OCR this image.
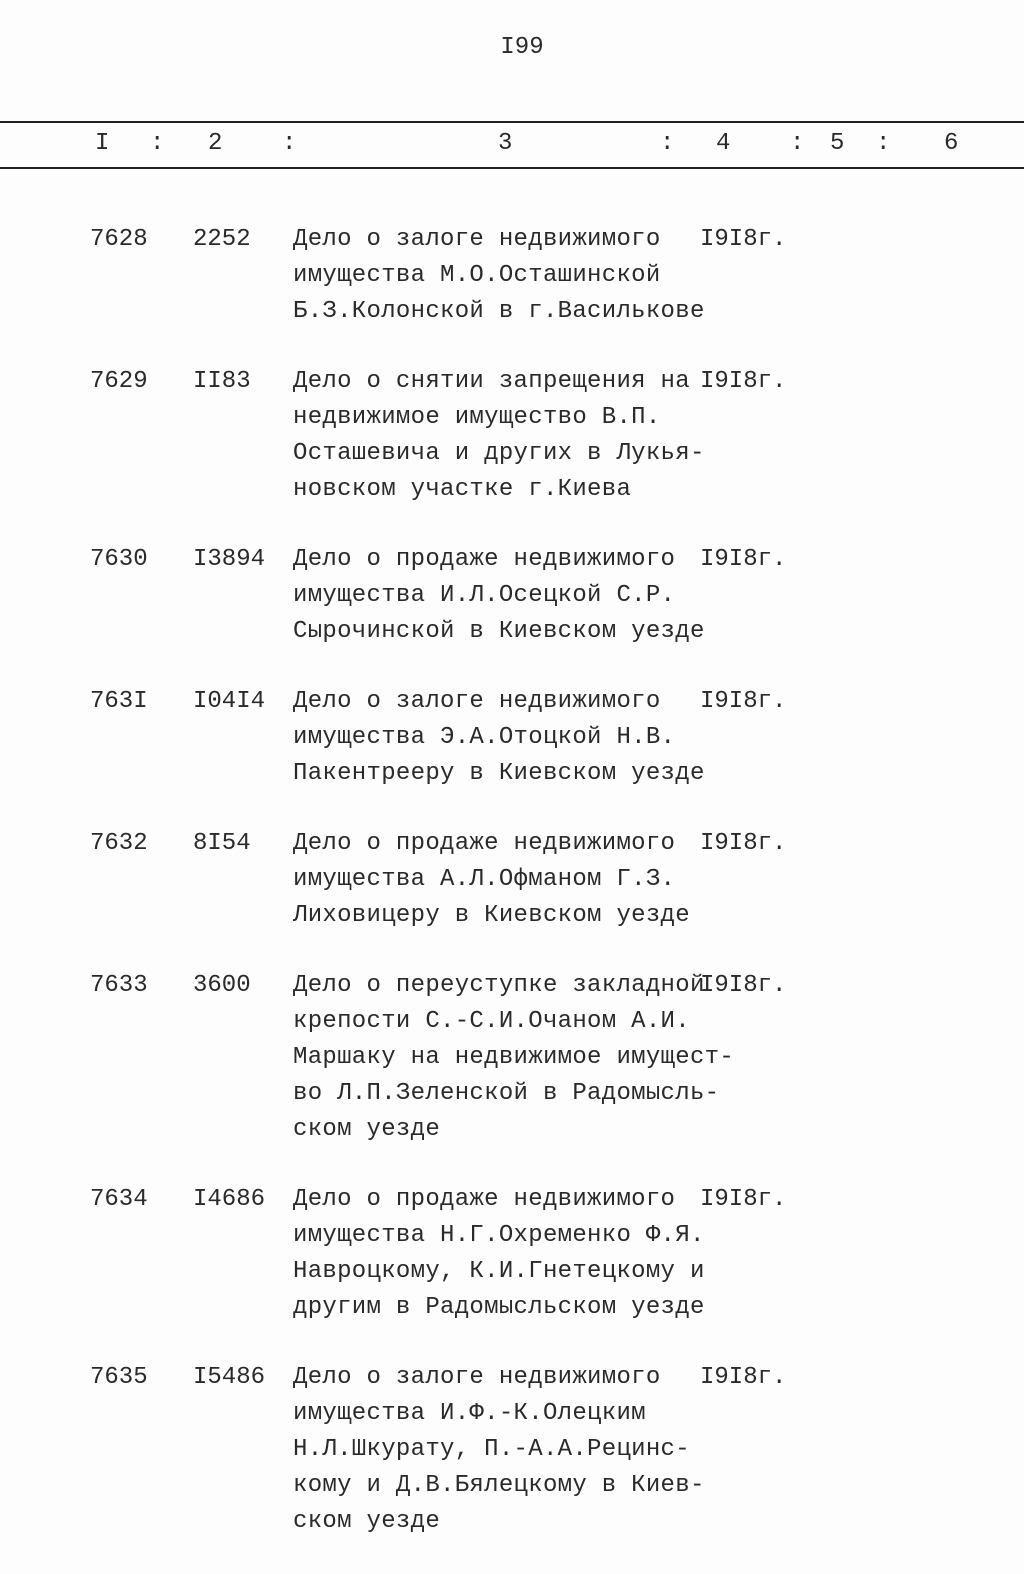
I99
I : 2 :	3	: 4 : 5 : 6
7628 2252	I9I8г.
Дело о залоге недвижимого
имущества М.О.Осташинской
Б.З.Колонской в г.Василькове
7629 II83	I9I8г.
Дело о снятии запрещения на
недвижимое имущество В.П.
Осташевича и других в Лукья-
новском участке г.Киева
7630 I3894	I9I8г.
Дело о продаже недвижимого
имущества И.Л.Осецкой С.Р.
Сырочинской в Киевском уезде
763I I04I4	I9I8г.
Дело о залоге недвижимого
имущества Э.А.Отоцкой Н.В.
Пакентрееру в Киевском уезде
7632 8I54	I9I8г.
Дело о продаже недвижимого
имущества А.Л.Офманом Г.З.
Лиховицеру в Киевском уезде
7633 3600	I9I8г.
Дело о переуступке закладной
крепости С.-С.И.Очаном А.И.
Маршаку на недвижимое имущест-
во Л.П.Зеленской в Радомысль-
ском уезде
7634 I4686	I9I8г.
Дело о продаже недвижимого
имущества Н.Г.Охременко Ф.Я.
Навроцкому, К.И.Гнетецкому и
другим в Радомысльском уезде
7635 I5486	I9I8г.
Дело о залоге недвижимого
имущества И.Ф.-К.Олецким
Н.Л.Шкурату, П.-А.А.Рецинс-
кому и Д.В.Бялецкому в Киев-
ском уезде
